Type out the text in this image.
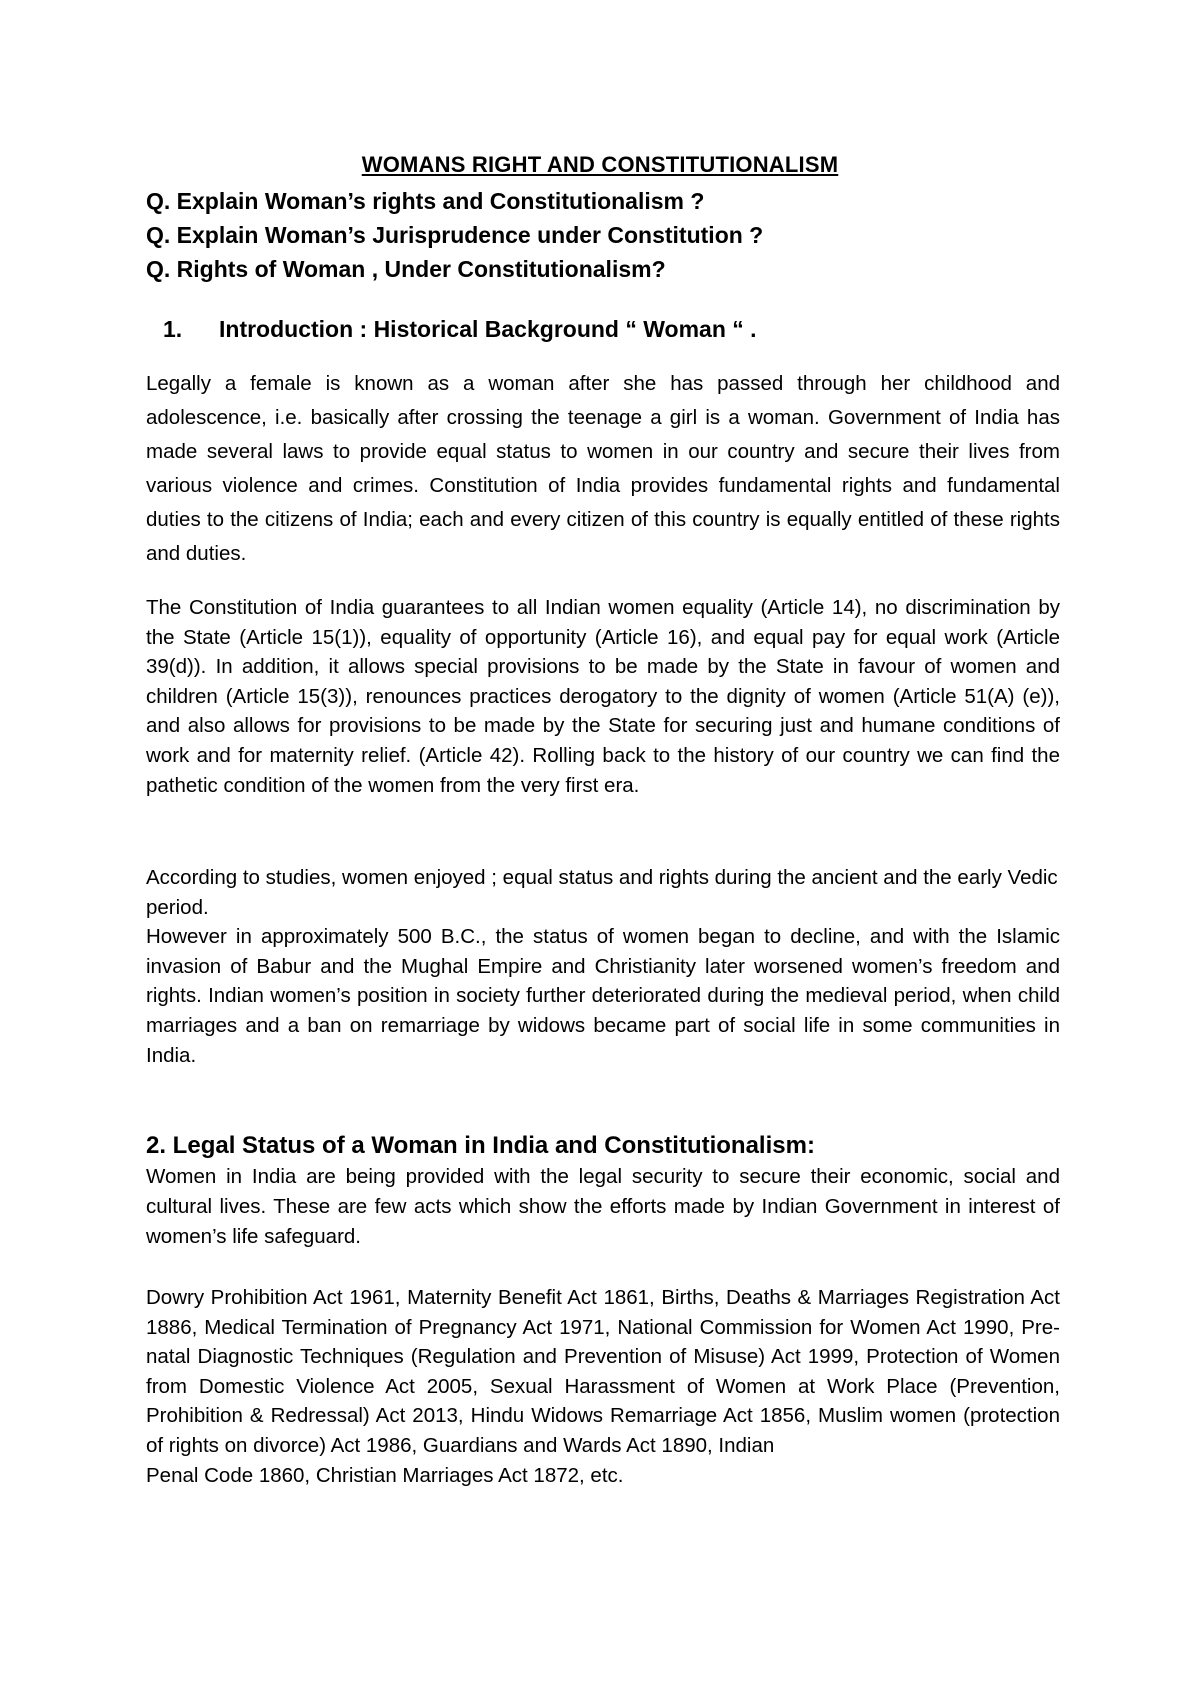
WOMANS RIGHT AND CONSTITUTIONALISM
Q. Explain Woman’s rights and Constitutionalism ?
Q. Explain Woman’s Jurisprudence under Constitution ?
Q. Rights of Woman , Under Constitutionalism?
1. Introduction : Historical Background “ Woman “ .
Legally a female is known as a woman after she has passed through her childhood and adolescence, i.e. basically after crossing the teenage a girl is a woman. Government of India has made several laws to provide equal status to women in our country and secure their lives from various violence and crimes. Constitution of India provides fundamental rights and fundamental duties to the citizens of India; each and every citizen of this country is equally entitled of these rights and duties.
The Constitution of India guarantees to all Indian women equality (Article 14), no discrimination by the State (Article 15(1)), equality of opportunity (Article 16), and equal pay for equal work (Article 39(d)). In addition, it allows special provisions to be made by the State in favour of women and children (Article 15(3)), renounces practices derogatory to the dignity of women (Article 51(A) (e)), and also allows for provisions to be made by the State for securing just and humane conditions of work and for maternity relief. (Article 42). Rolling back to the history of our country we can find the pathetic condition of the women from the very first era.
According to studies, women enjoyed ; equal status and rights during the ancient and the early Vedic period.
However in approximately 500 B.C., the status of women began to decline, and with the Islamic invasion of Babur and the Mughal Empire and Christianity later worsened women’s freedom and rights. Indian women’s position in society further deteriorated during the medieval period, when child marriages and a ban on remarriage by widows became part of social life in some communities in India.
2. Legal Status of a Woman in India and Constitutionalism:
Women in India are being provided with the legal security to secure their economic, social and cultural lives. These are few acts which show the efforts made by Indian Government in interest of women’s life safeguard.
Dowry Prohibition Act 1961, Maternity Benefit Act 1861, Births, Deaths & Marriages Registration Act 1886, Medical Termination of Pregnancy Act 1971, National Commission for Women Act 1990, Pre-natal Diagnostic Techniques (Regulation and Prevention of Misuse) Act 1999, Protection of Women from Domestic Violence Act 2005, Sexual Harassment of Women at Work Place (Prevention, Prohibition & Redressal) Act 2013, Hindu Widows Remarriage Act 1856, Muslim women (protection of rights on divorce) Act 1986, Guardians and Wards Act 1890, Indian
Penal Code 1860, Christian Marriages Act 1872, etc.
